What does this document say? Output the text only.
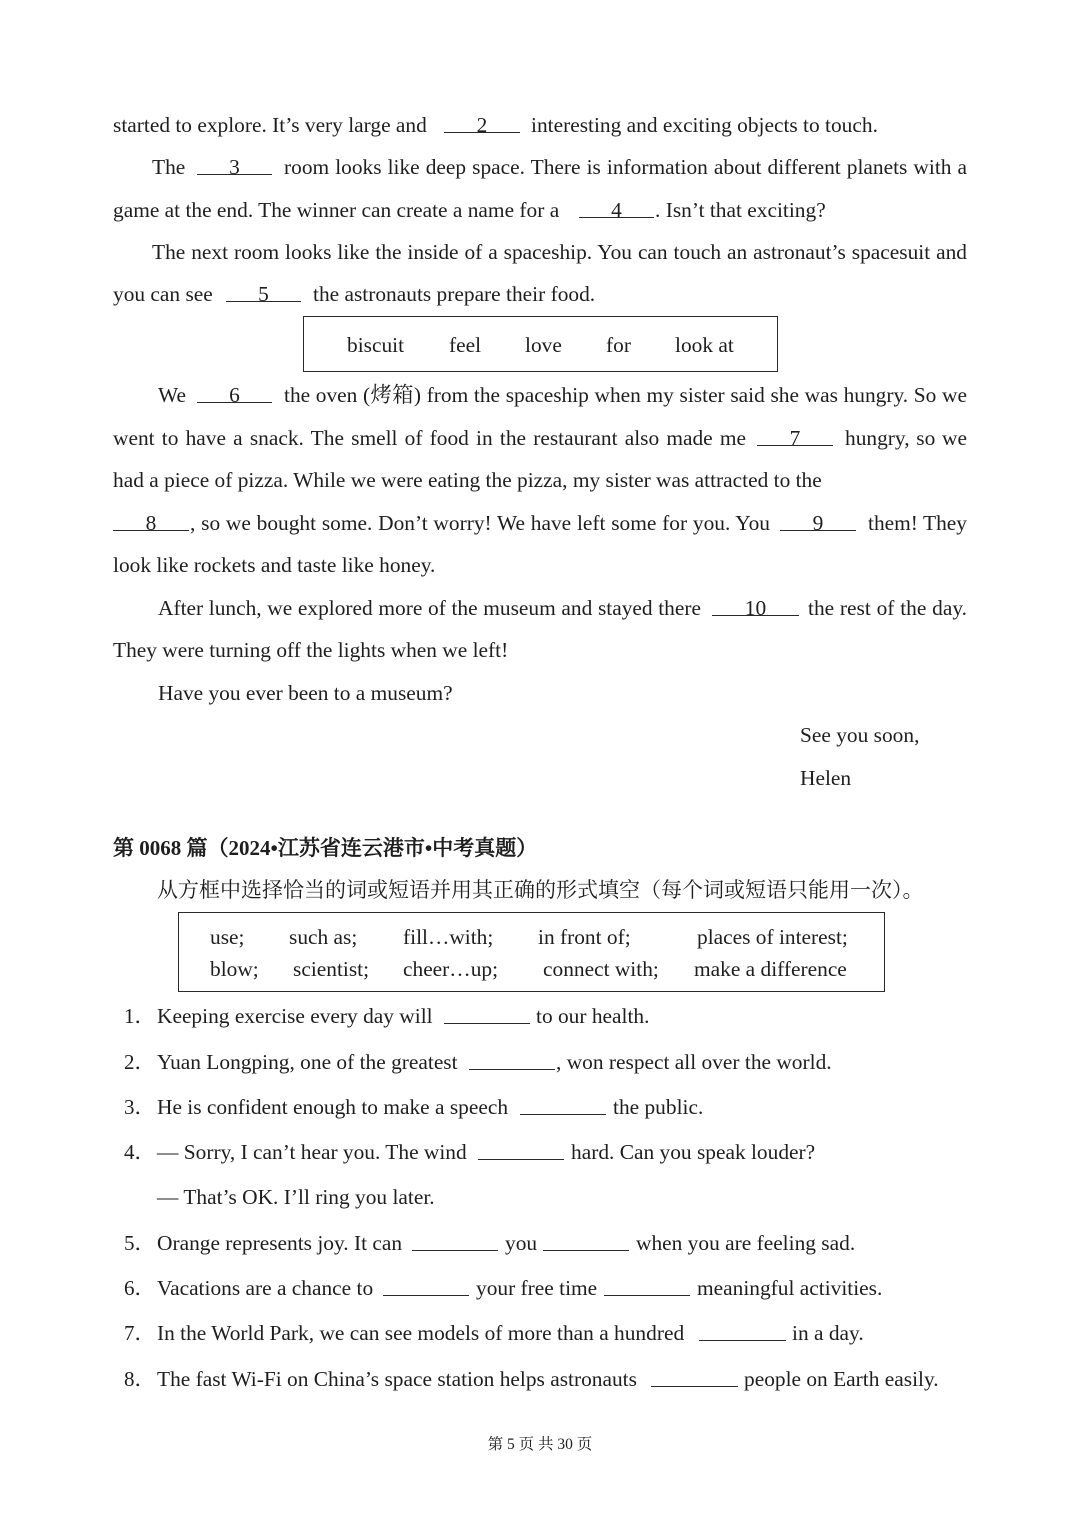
started to explore. It’s very large and	2	interesting and exciting objects to touch.
The	3	room looks like deep space. There is information about different planets with a
game at the end. The winner can create a name for a	4	. Isn’t that exciting?
The next room looks like the inside of a spaceship. You can touch an astronaut’s spacesuit and
you can see	5	the astronauts prepare their food.
biscuit feel love for look at
We	6	the oven (烤箱) from the spaceship when my sister said she was hungry. So we
went to have a snack. The smell of food in the restaurant also made me	7	hungry, so we
had a piece of pizza. While we were eating the pizza, my sister was attracted to the
8	, so we bought some. Don’t worry! We have left some for you. You	9	them! They
look like rockets and taste like honey.
After lunch, we explored more of the museum and stayed there	10	the rest of the day.
They were turning off the lights when we left!
Have you ever been to a museum?
See you soon,
Helen
第 0068 篇（2024•江苏省连云港市•中考真题）
从方框中选择恰当的词或短语并用其正确的形式填空（每个词或短语只能用一次）。
use; such as; fill…with; in front of;	places of interest;
blow; scientist; cheer…up; connect with; make a difference
1． Keeping exercise every day will	to our health.
2． Yuan Longping, one of the greatest	, won respect all over the world.
3． He is confident enough to make a speech	the public.
4． — Sorry, I can’t hear you. The wind	hard. Can you speak louder?
— That’s OK. I’ll ring you later.
5． Orange represents joy. It can	you	when you are feeling sad.
6． Vacations are a chance to	your free time	meaningful activities.
7． In the World Park, we can see models of more than a hundred	in a day.
8． The fast Wi-Fi on China’s space station helps astronauts	people on Earth easily.
第 5 页 共 30 页
